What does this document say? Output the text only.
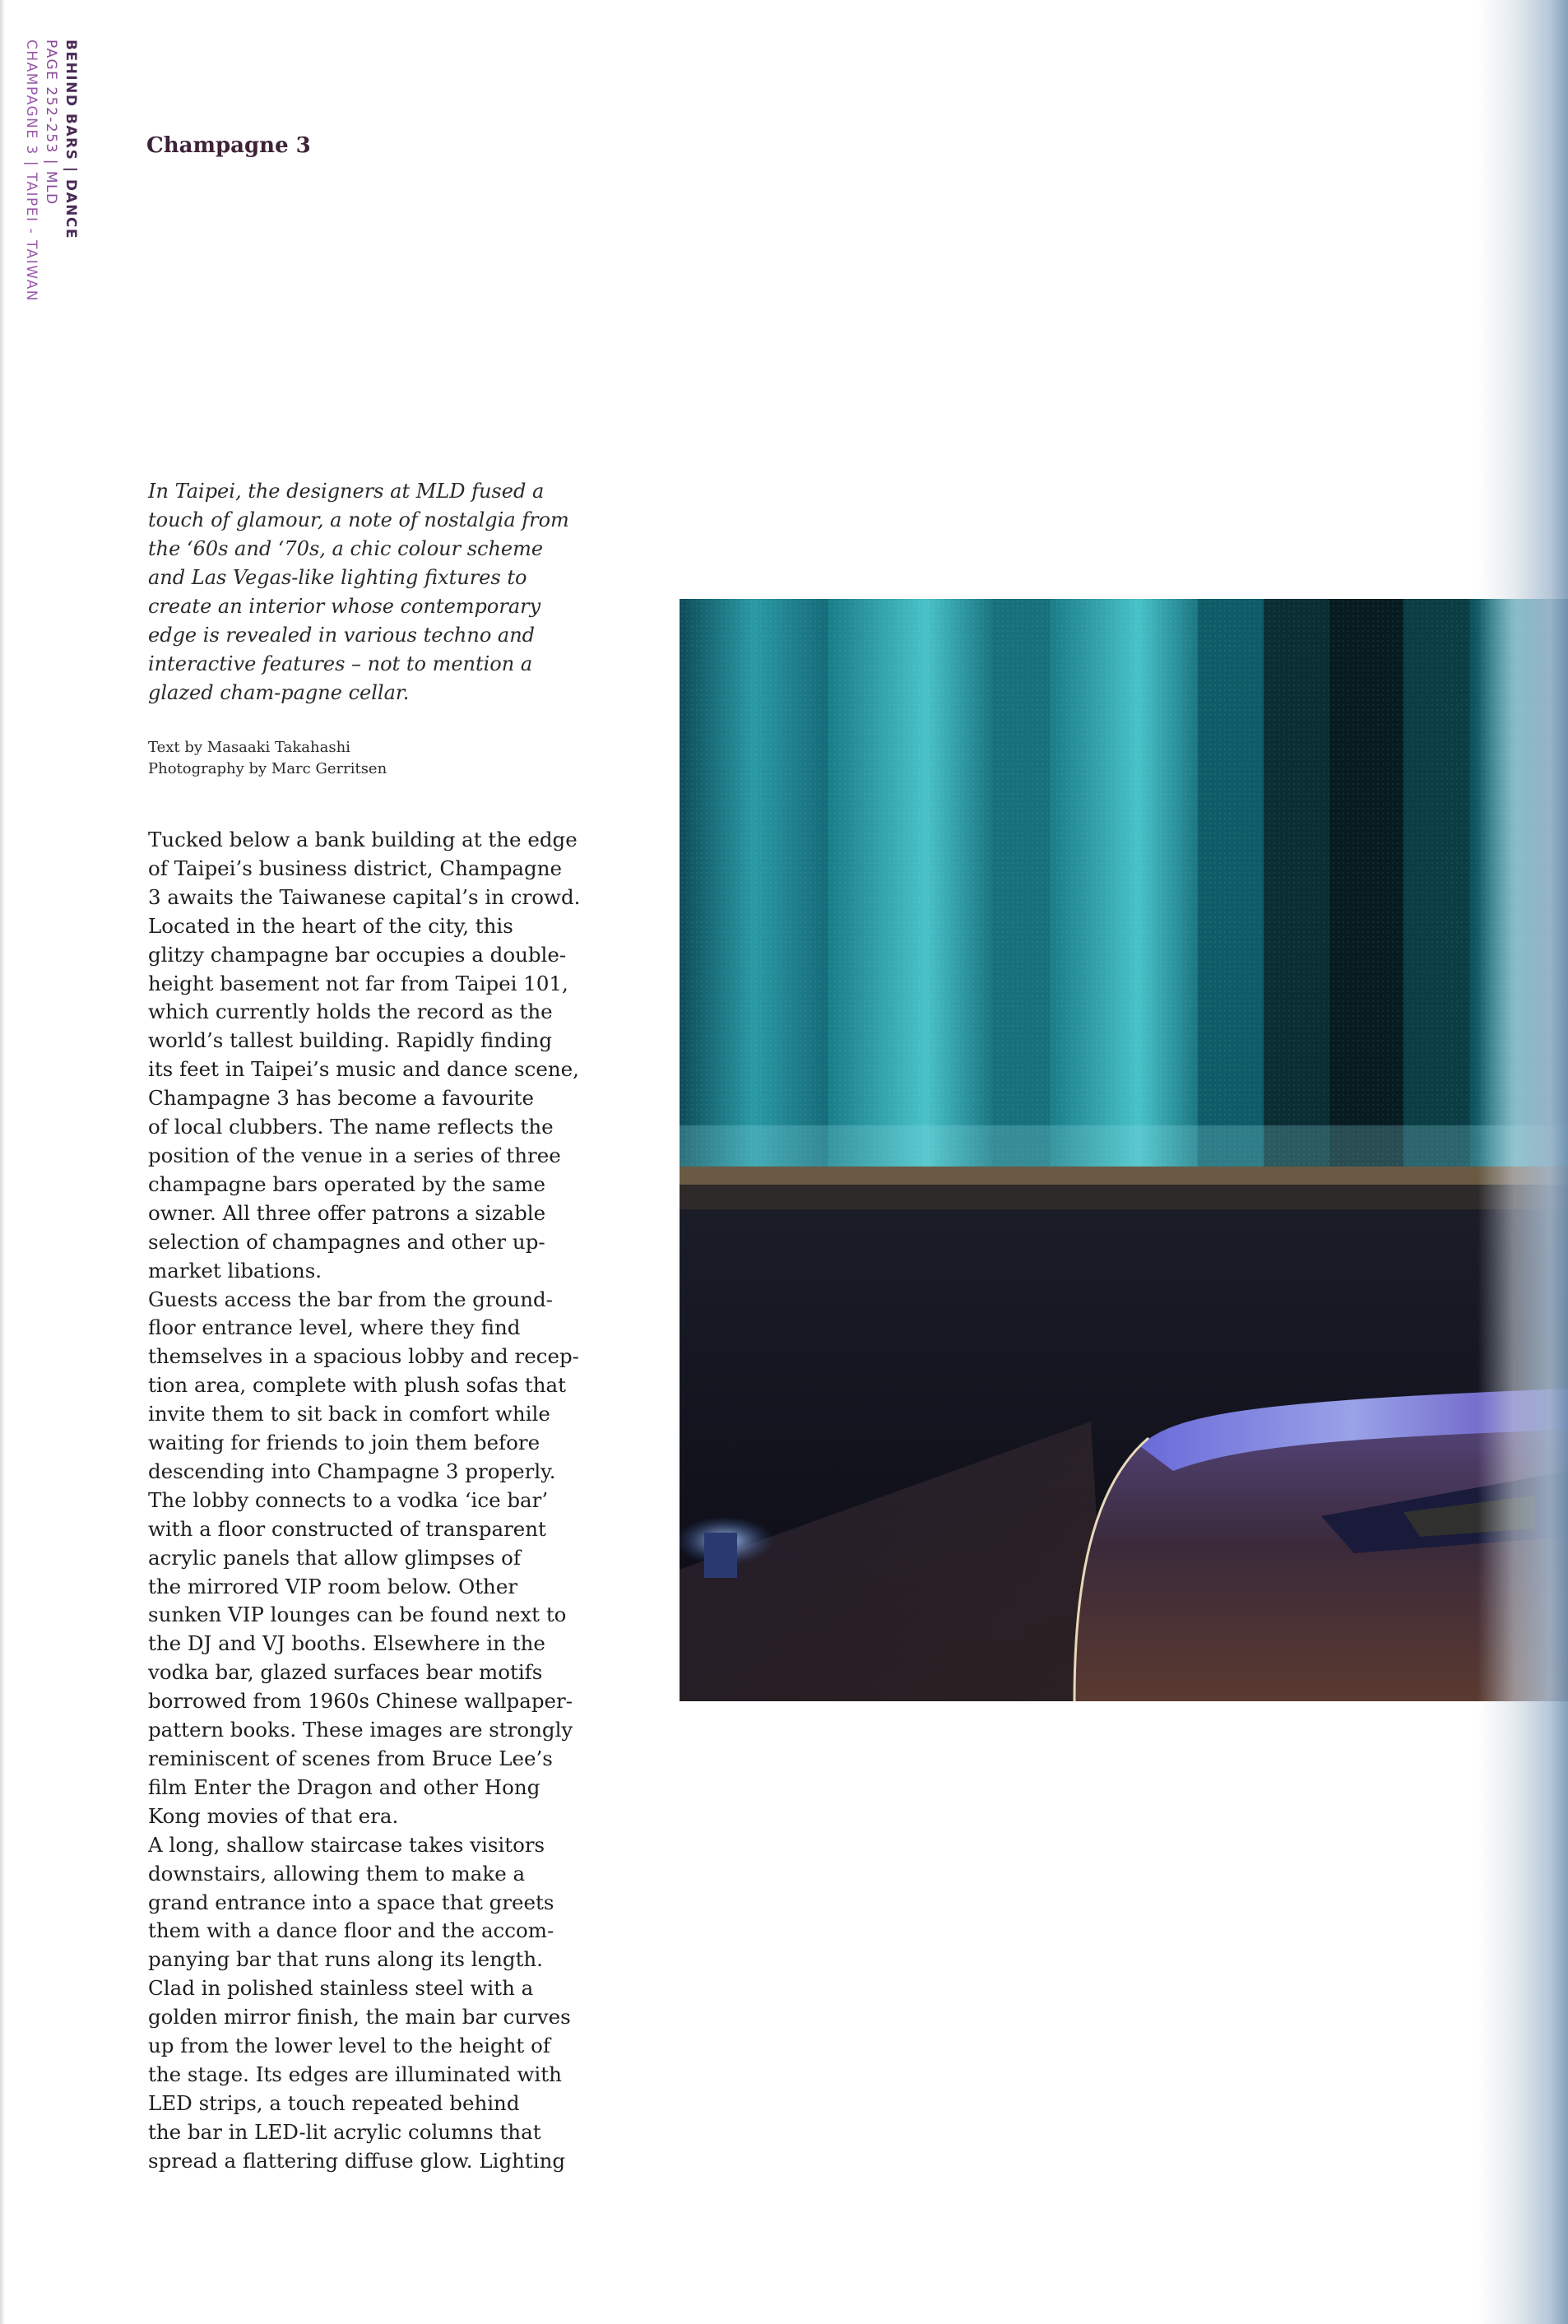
BEHIND BARS | DANCE
PAGE 252-253 | MLD
CHAMPAGNE 3 | TAIPEI - TAIWAN	Champagne 3
In Taipei, the designers at MLD fused a touch of glamour, a note of nostalgia from the ‘60s and ‘70s, a chic colour scheme and Las Vegas-like lighting fixtures to create an interior whose contemporary edge is revealed in various techno and interactive features – not to mention a glazed cham-pagne cellar.
Text by Masaaki Takahashi
Photography by Marc Gerritsen
Tucked below a bank building at the edge
of Taipei’s business district, Champagne
3 awaits the Taiwanese capital’s in crowd.
Located in the heart of the city, this
glitzy champagne bar occupies a double-
height basement not far from Taipei 101,
which currently holds the record as the
world’s tallest building. Rapidly finding
its feet in Taipei’s music and dance scene,
Champagne 3 has become a favourite
of local clubbers. The name reflects the
position of the venue in a series of three
champagne bars operated by the same
owner. All three offer patrons a sizable
selection of champagnes and other up-
market libations.
Guests access the bar from the ground-
floor entrance level, where they find
themselves in a spacious lobby and recep-
tion area, complete with plush sofas that
invite them to sit back in comfort while
waiting for friends to join them before
descending into Champagne 3 properly.
The lobby connects to a vodka ‘ice bar’
with a floor constructed of transparent
acrylic panels that allow glimpses of
the mirrored VIP room below. Other
sunken VIP lounges can be found next to
the DJ and VJ booths. Elsewhere in the
vodka bar, glazed surfaces bear motifs
borrowed from 1960s Chinese wallpaper-
pattern books. These images are strongly
reminiscent of scenes from Bruce Lee’s
film Enter the Dragon and other Hong
Kong movies of that era.
A long, shallow staircase takes visitors
downstairs, allowing them to make a
grand entrance into a space that greets
them with a dance floor and the accom-
panying bar that runs along its length.
Clad in polished stainless steel with a
golden mirror finish, the main bar curves
up from the lower level to the height of
the stage. Its edges are illuminated with
LED strips, a touch repeated behind
the bar in LED-lit acrylic columns that
spread a flattering diffuse glow. Lighting
